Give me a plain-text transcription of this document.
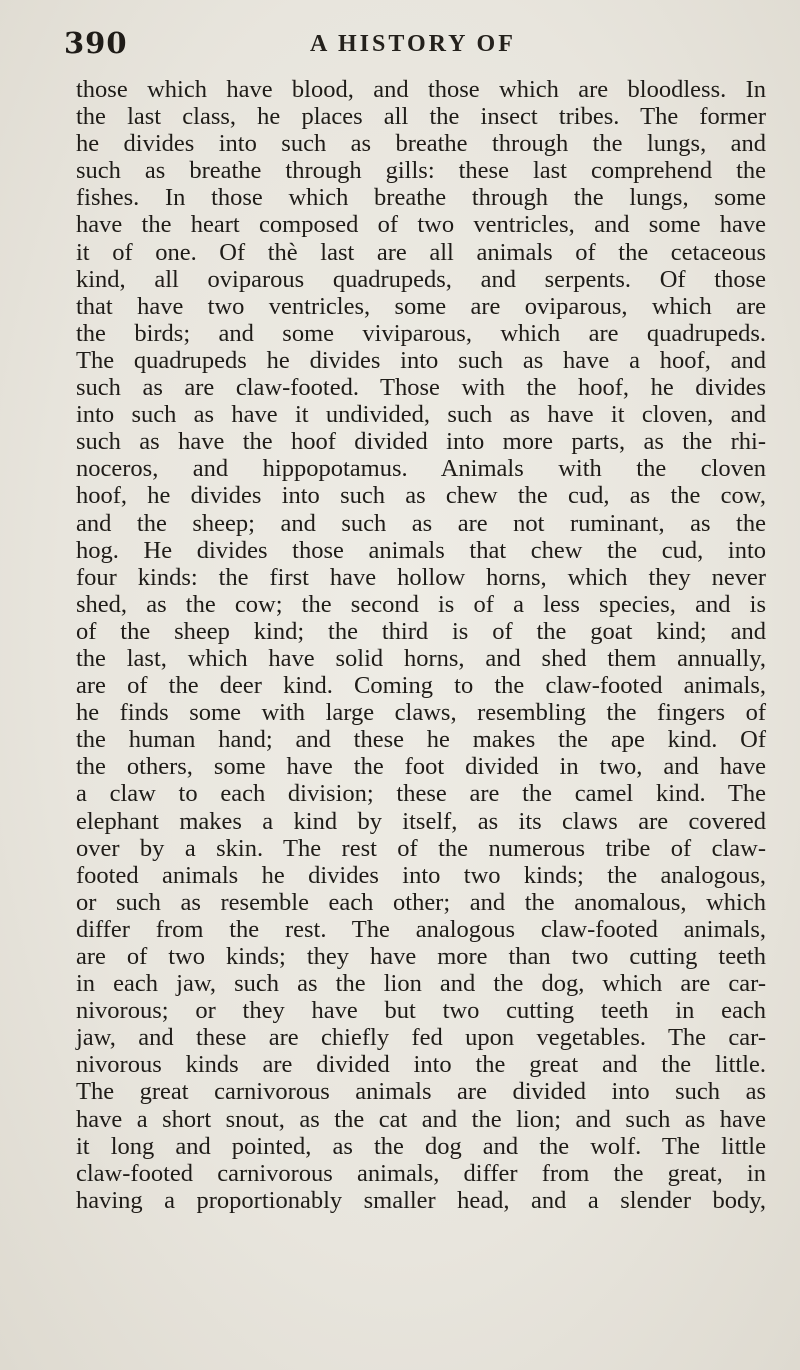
390	A HISTORY OF
those which have blood, and those which are bloodless. In
the last class, he places all the insect tribes. The former
he divides into such as breathe through the lungs, and
such as breathe through gills: these last comprehend the
fishes. In those which breathe through the lungs, some
have the heart composed of two ventricles, and some have
it of one. Of thè last are all animals of the cetaceous
kind, all oviparous quadrupeds, and serpents. Of those
that have two ventricles, some are oviparous, which are
the birds; and some viviparous, which are quadrupeds.
The quadrupeds he divides into such as have a hoof, and
such as are claw-footed. Those with the hoof, he divides
into such as have it undivided, such as have it cloven, and
such as have the hoof divided into more parts, as the rhi-
noceros, and hippopotamus. Animals with the cloven
hoof, he divides into such as chew the cud, as the cow,
and the sheep; and such as are not ruminant, as the
hog. He divides those animals that chew the cud, into
four kinds: the first have hollow horns, which they never
shed, as the cow; the second is of a less species, and is
of the sheep kind; the third is of the goat kind; and
the last, which have solid horns, and shed them annually,
are of the deer kind. Coming to the claw-footed animals,
he finds some with large claws, resembling the fingers of
the human hand; and these he makes the ape kind. Of
the others, some have the foot divided in two, and have
a claw to each division; these are the camel kind. The
elephant makes a kind by itself, as its claws are covered
over by a skin. The rest of the numerous tribe of claw-
footed animals he divides into two kinds; the analogous,
or such as resemble each other; and the anomalous, which
differ from the rest. The analogous claw-footed animals,
are of two kinds; they have more than two cutting teeth
in each jaw, such as the lion and the dog, which are car-
nivorous; or they have but two cutting teeth in each
jaw, and these are chiefly fed upon vegetables. The car-
nivorous kinds are divided into the great and the little.
The great carnivorous animals are divided into such as
have a short snout, as the cat and the lion; and such as have
it long and pointed, as the dog and the wolf. The little
claw-footed carnivorous animals, differ from the great, in
having a proportionably smaller head, and a slender body,
